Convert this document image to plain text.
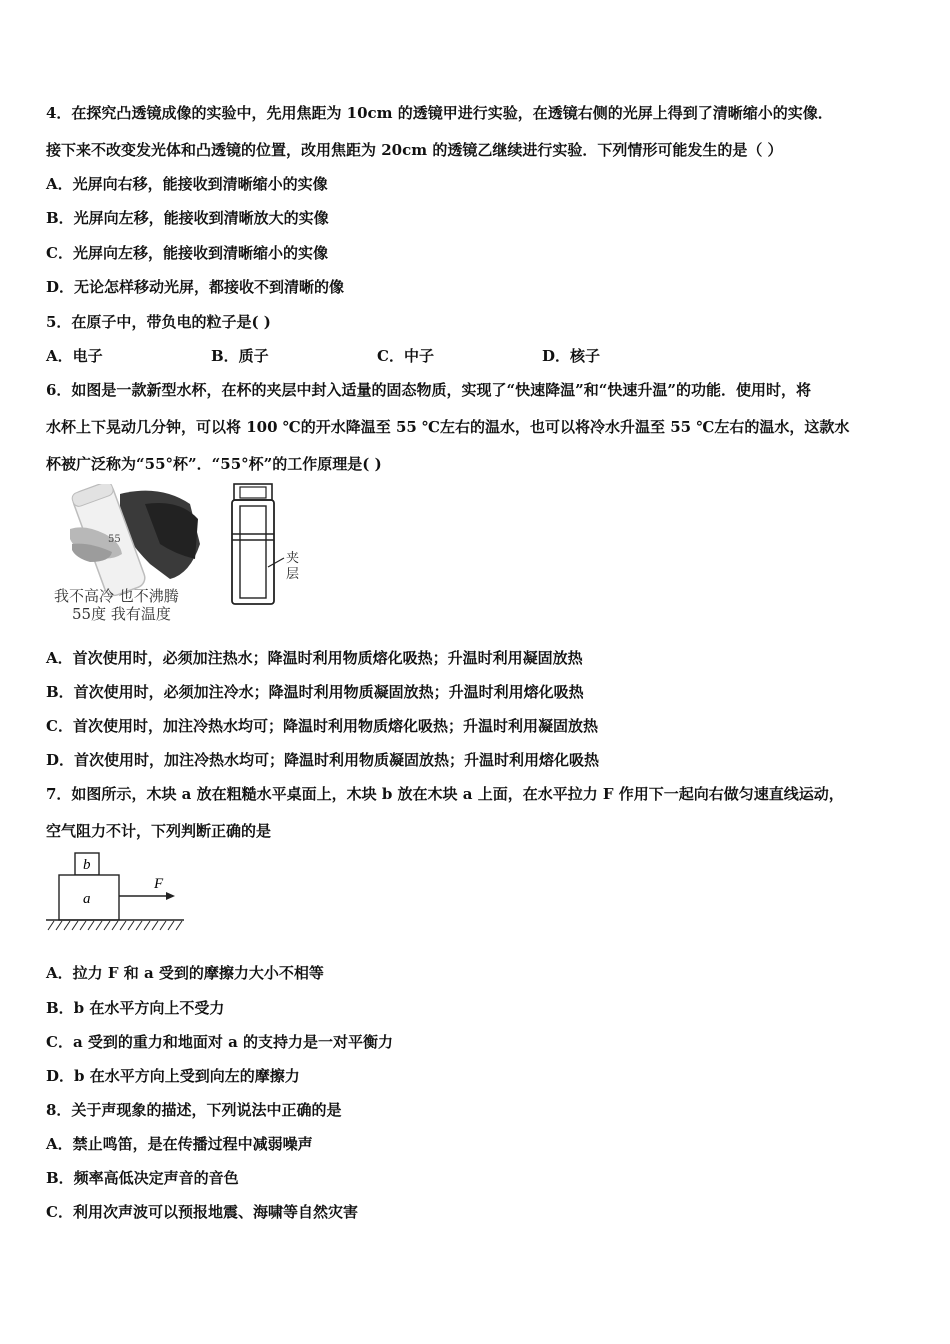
4．在探究凸透镜成像的实验中，先用焦距为 10cm 的透镜甲进行实验，在透镜右侧的光屏上得到了清晰缩小的实像．
接下来不改变发光体和凸透镜的位置，改用焦距为 20cm 的透镜乙继续进行实验．下列情形可能发生的是（ ）
A．光屏向右移，能接收到清晰缩小的实像
B．光屏向左移，能接收到清晰放大的实像
C．光屏向左移，能接收到清晰缩小的实像
D．无论怎样移动光屏，都接收不到清晰的像
5．在原子中，带负电的粒子是( )
A．电子	B．质子	C．中子	D．核子
6．如图是一款新型水杯，在杯的夹层中封入适量的固态物质，实现了“快速降温”和“快速升温”的功能．使用时，将
水杯上下晃动几分钟，可以将 100 ℃的开水降温至 55 ℃左右的温水，也可以将冷水升温至 55 ℃左右的温水，这款水
杯被广泛称为“55°杯”．“55°杯”的工作原理是( )
55
我不高冷 也不沸腾
55度 我有温度
夹
层
A．首次使用时，必须加注热水；降温时利用物质熔化吸热；升温时利用凝固放热
B．首次使用时，必须加注冷水；降温时利用物质凝固放热；升温时利用熔化吸热
C．首次使用时，加注冷热水均可；降温时利用物质熔化吸热；升温时利用凝固放热
D．首次使用时，加注冷热水均可；降温时利用物质凝固放热；升温时利用熔化吸热
7．如图所示，木块 a 放在粗糙水平桌面上，木块 b 放在木块 a 上面，在水平拉力 F 作用下一起向右做匀速直线运动，
空气阻力不计，下列判断正确的是
b
a
F
A．拉力 F 和 a 受到的摩擦力大小不相等
B．b 在水平方向上不受力
C．a 受到的重力和地面对 a 的支持力是一对平衡力
D．b 在水平方向上受到向左的摩擦力
8．关于声现象的描述，下列说法中正确的是
A．禁止鸣笛，是在传播过程中减弱噪声
B．频率高低决定声音的音色
C．利用次声波可以预报地震、海啸等自然灾害
